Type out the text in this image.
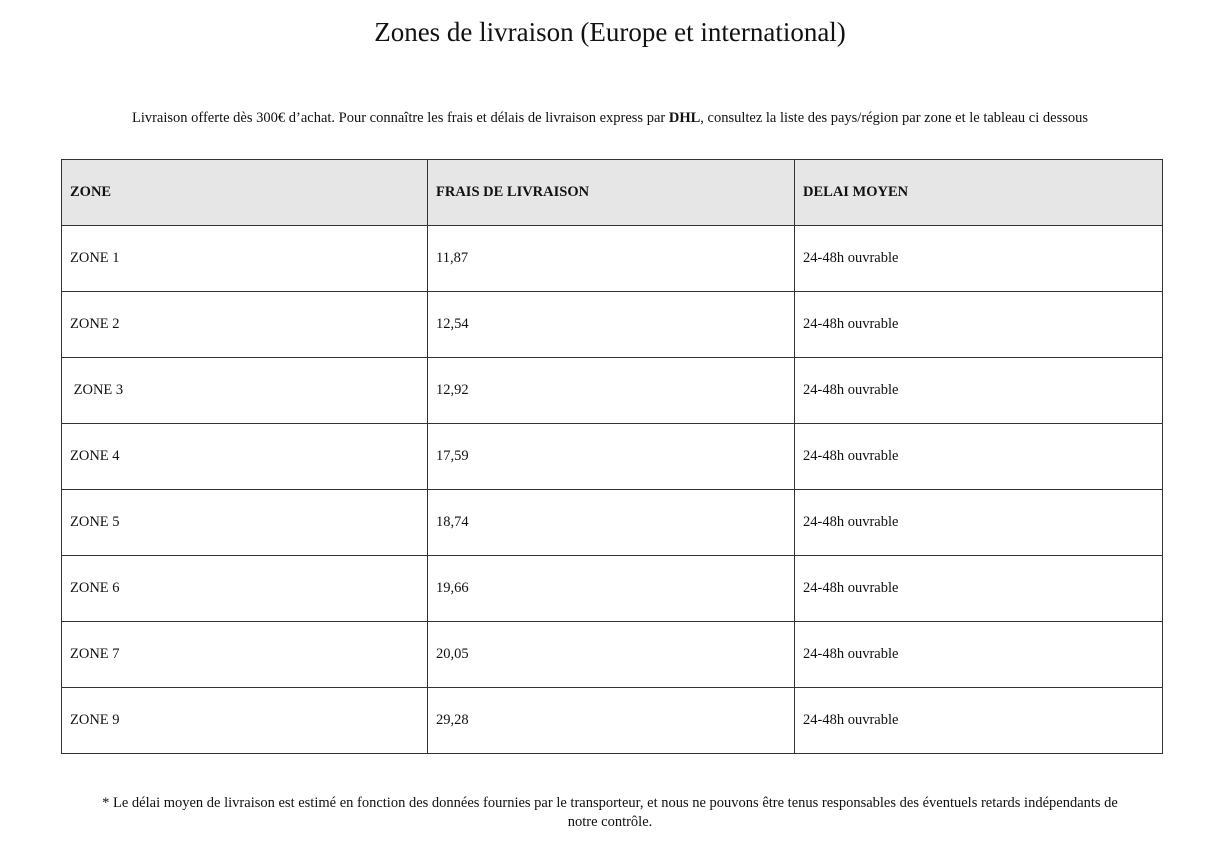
Zones de livraison (Europe et international)

Livraison offerte dès 300€ d’achat. Pour connaître les frais et délais de livraison express par DHL, consultez la liste des pays/région par zone et le tableau ci dessous

ZONE	FRAIS DE LIVRAISON	DELAI MOYEN
ZONE 1	11,87	24-48h ouvrable
ZONE 2	12,54	24-48h ouvrable
ZONE 3	12,92	24-48h ouvrable
ZONE 4	17,59	24-48h ouvrable
ZONE 5	18,74	24-48h ouvrable
ZONE 6	19,66	24-48h ouvrable
ZONE 7	20,05	24-48h ouvrable
ZONE 9	29,28	24-48h ouvrable

* Le délai moyen de livraison est estimé en fonction des données fournies par le transporteur, et nous ne pouvons être tenus responsables des éventuels retards indépendants de notre contrôle.
